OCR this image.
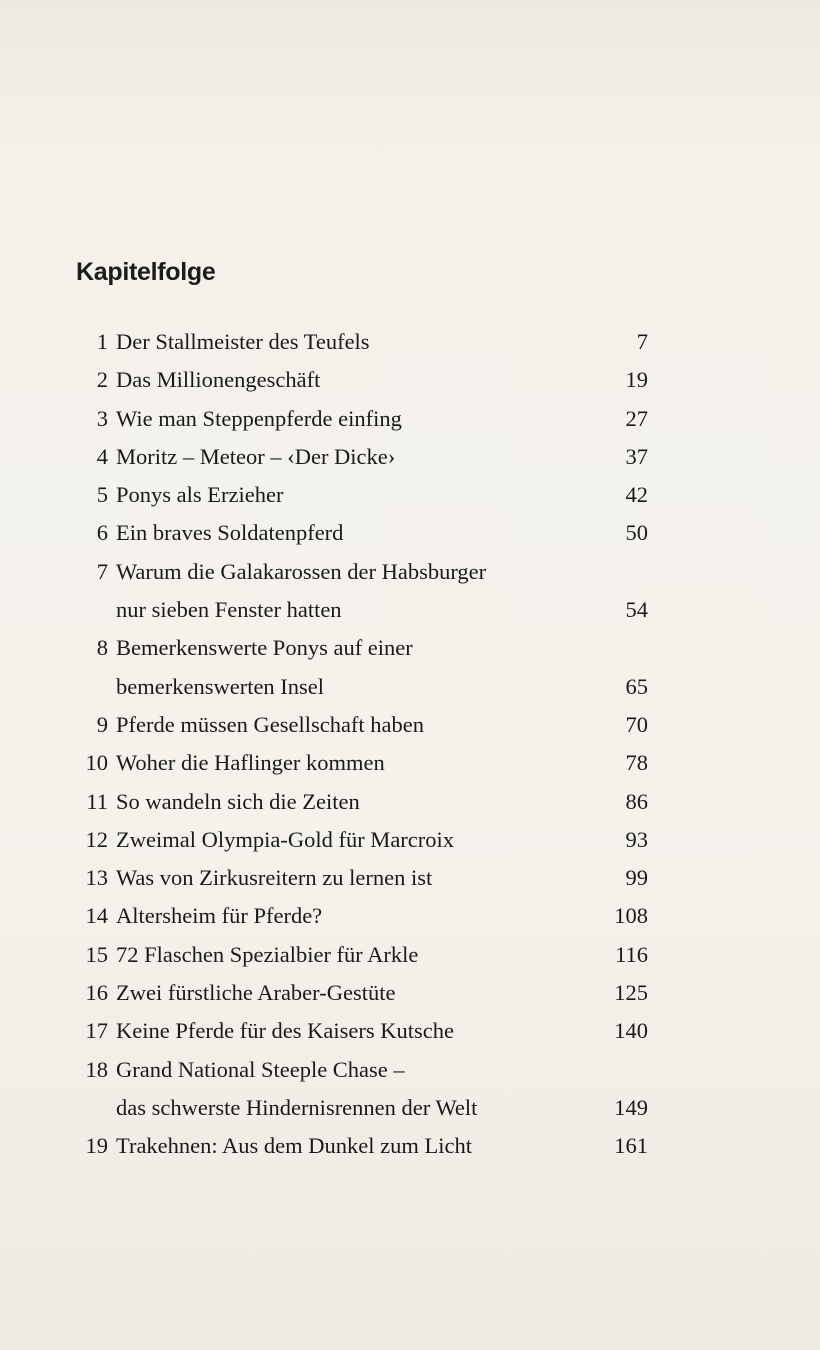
Kapitelfolge
1 Der Stallmeister des Teufels	7
2 Das Millionengeschäft	19
3 Wie man Steppenpferde einfing	27
4 Moritz – Meteor – ‹Der Dicke›	37
5 Ponys als Erzieher	42
6 Ein braves Soldatenpferd	50
7 Warum die Galakarossen der Habsburger
nur sieben Fenster hatten	54
8 Bemerkenswerte Ponys auf einer
bemerkenswerten Insel	65
9 Pferde müssen Gesellschaft haben	70
10 Woher die Haflinger kommen	78
11 So wandeln sich die Zeiten	86
12 Zweimal Olympia-Gold für Marcroix	93
13 Was von Zirkusreitern zu lernen ist	99
14 Altersheim für Pferde?	108
15 72 Flaschen Spezialbier für Arkle	116
16 Zwei fürstliche Araber-Gestüte	125
17 Keine Pferde für des Kaisers Kutsche	140
18 Grand National Steeple Chase –
das schwerste Hindernisrennen der Welt	149
19 Trakehnen: Aus dem Dunkel zum Licht	161
